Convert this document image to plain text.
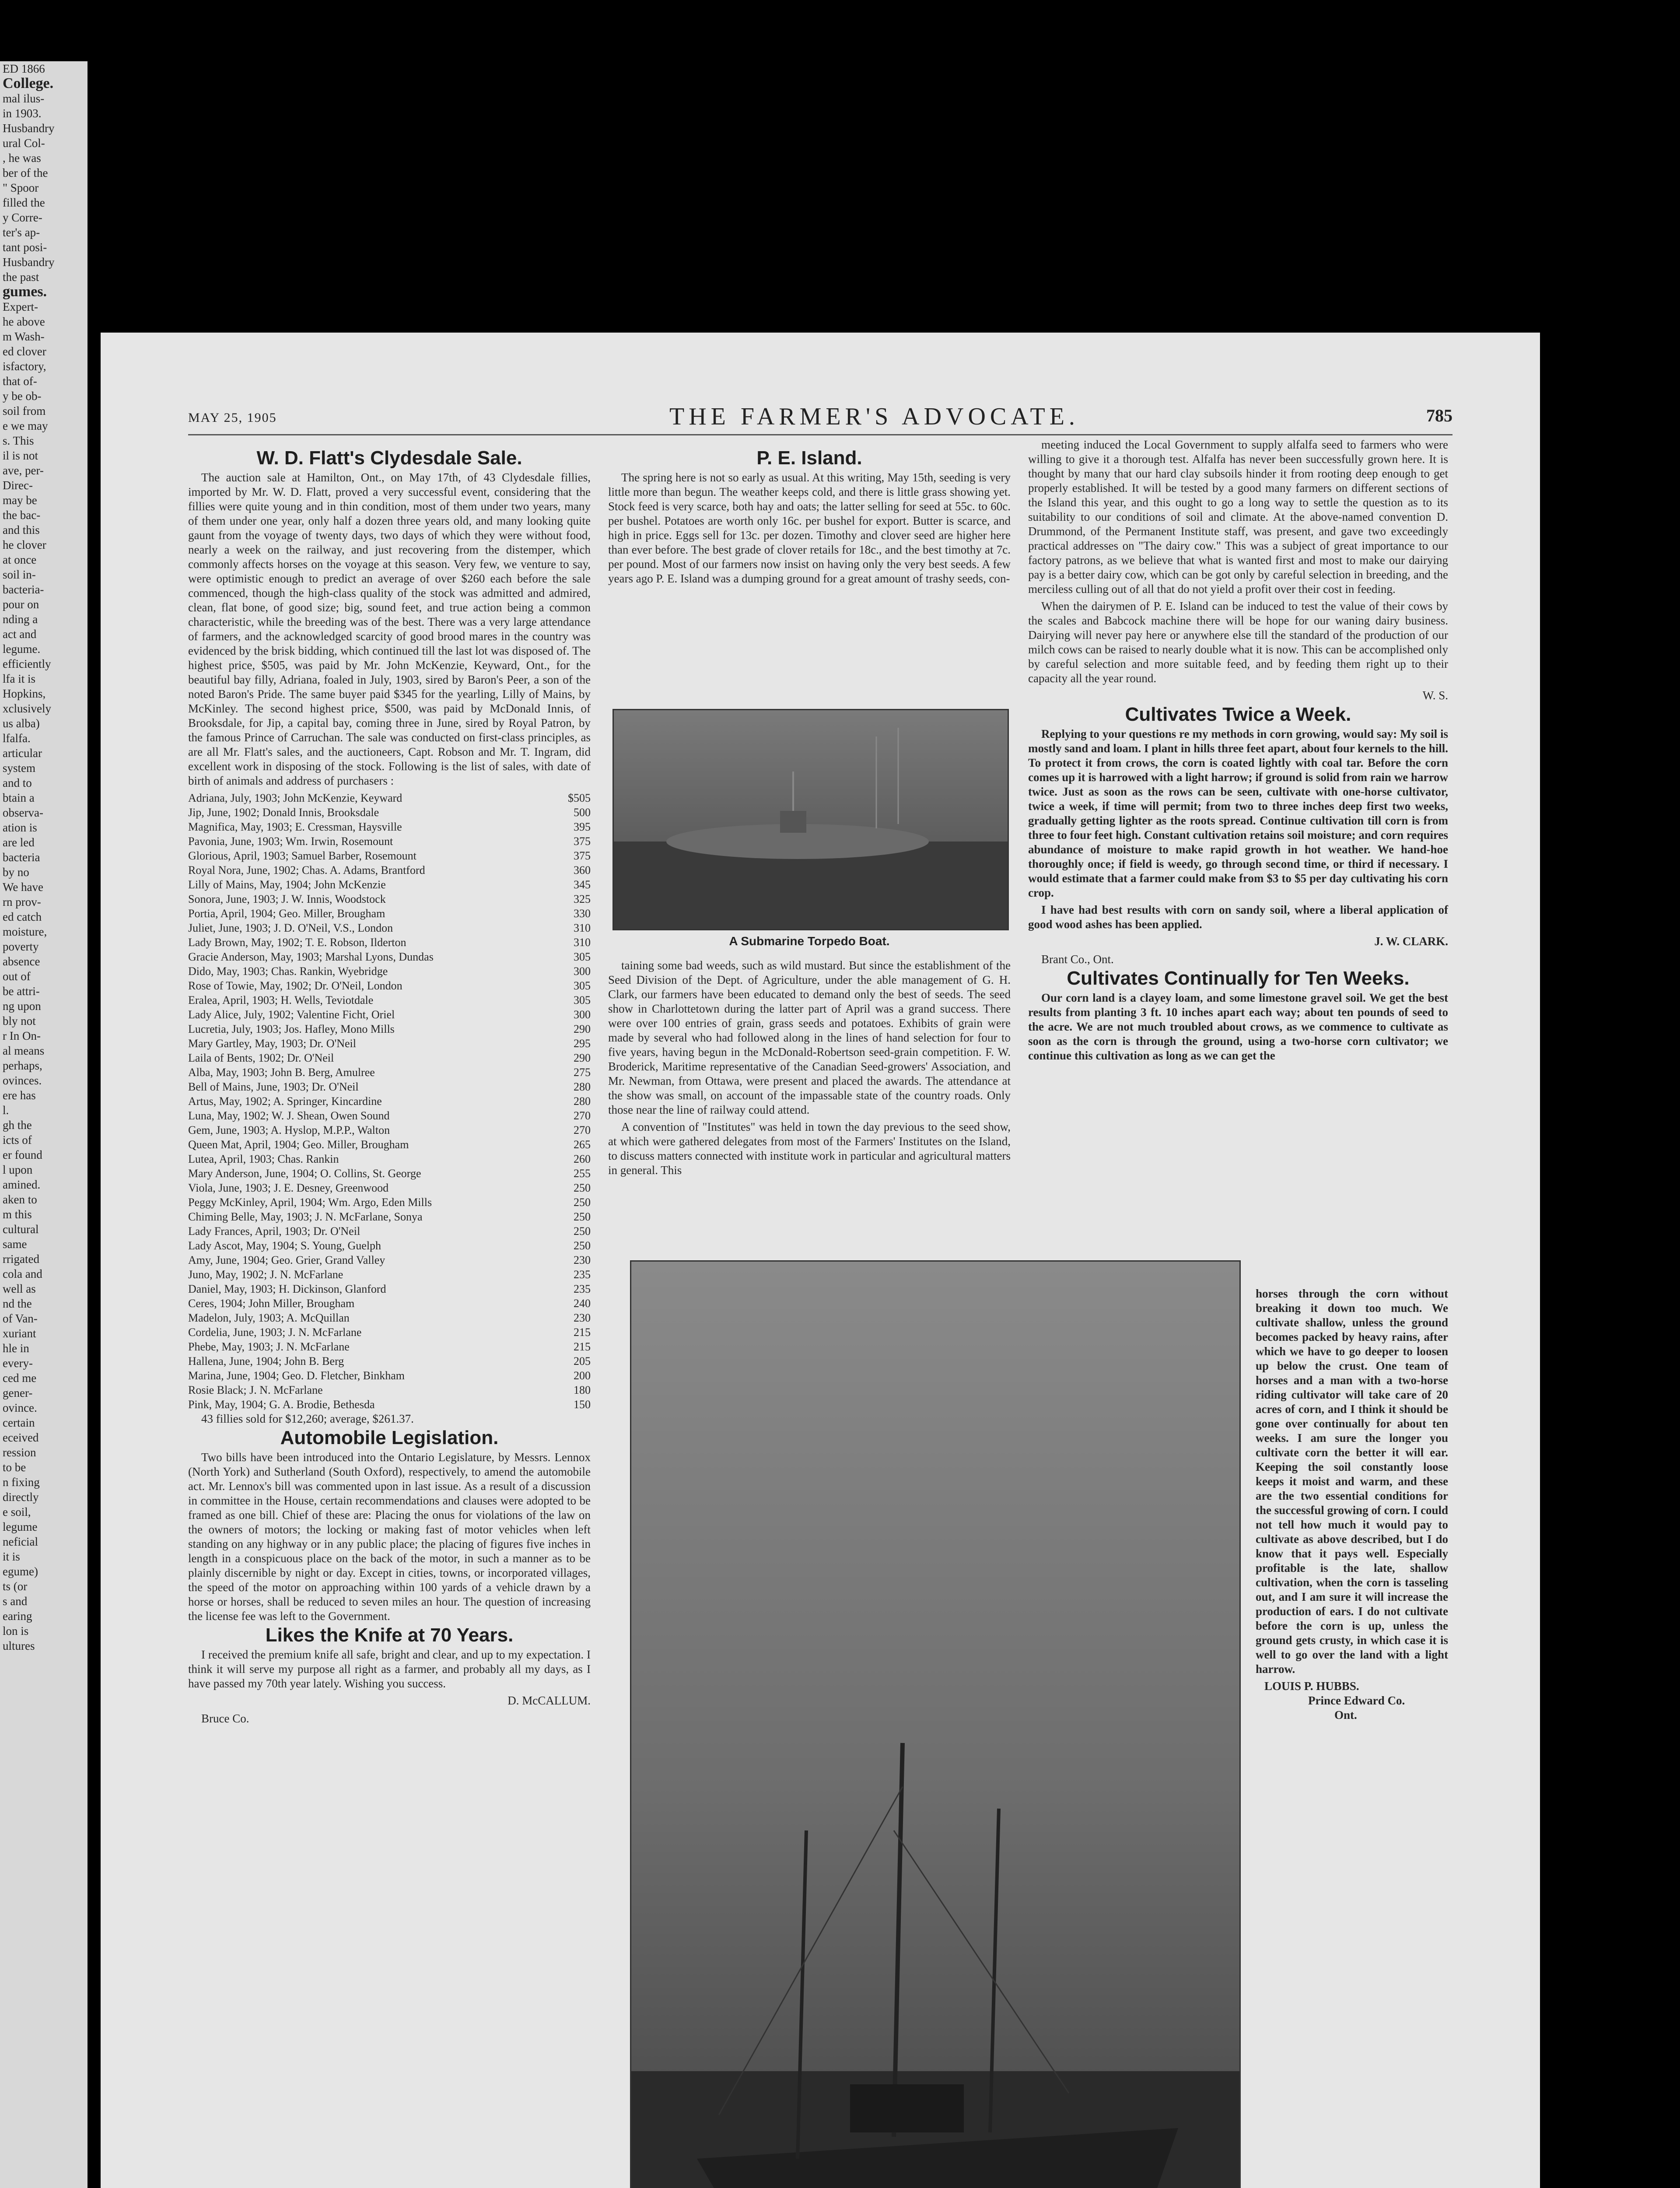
ED 1866
College.
mal ilus-
in 1903.
Husbandry
ural Col-
, he was
ber of the
" Spoor
filled the
y Corre-
ter's ap-
tant posi-
Husbandry
the past
gumes.
Expert-
he above
m Wash-
ed clover
isfactory,
that of-
y be ob-
soil from
e we may
s. This
il is not
ave, per-
Direc-
may be
the bac-
and this
he clover
at once
soil in-
bacteria-
pour on
nding a
act and
legume.
efficiently
lfa it is
Hopkins,
xclusively
us alba)
lfalfa.
articular
system
and to
btain a
observa-
ation is
are led
bacteria
by no
We have
rn prov-
ed catch
moisture,
poverty
absence
out of
be attri-
ng upon
bly not
r In On-
al means
perhaps,
ovinces.
ere has
l.
gh the
icts of
er found
l upon
amined.
aken to
m this
cultural
same
rrigated
cola and
well as
nd the
of Van-
xuriant
hle in
every-
ced me
gener-
ovince.
certain
eceived
ression
to be
n fixing
directly
e soil,
legume
neficial
it is
egume)
ts (or
s and
earing
lon is
ultures
MAY 25, 1905	THE FARMER'S ADVOCATE.	785
W. D. Flatt's Clydesdale Sale.

The auction sale at Hamilton, Ont., on May 17th, of 43 Clydesdale fillies, imported by Mr. W. D. Flatt, proved a very successful event, considering that the fillies were quite young and in thin condition, most of them under two years, many of them under one year, only half a dozen three years old, and many looking quite gaunt from the voyage of twenty days, two days of which they were without food, nearly a week on the railway, and just recovering from the distemper, which commonly affects horses on the voyage at this season. Very few, we venture to say, were optimistic enough to predict an average of over $260 each before the sale commenced, though the high-class quality of the stock was admitted and admired, clean, flat bone, of good size; big, sound feet, and true action being a common characteristic, while the breeding was of the best. There was a very large attendance of farmers, and the acknowledged scarcity of good brood mares in the country was evidenced by the brisk bidding, which continued till the last lot was disposed of. The highest price, $505, was paid by Mr. John McKenzie, Keyward, Ont., for the beautiful bay filly, Adriana, foaled in July, 1903, sired by Baron's Peer, a son of the noted Baron's Pride. The same buyer paid $345 for the yearling, Lilly of Mains, by McKinley. The second highest price, $500, was paid by McDonald Innis, of Brooksdale, for Jip, a capital bay, coming three in June, sired by Royal Patron, by the famous Prince of Carruchan. The sale was conducted on first-class principles, as are all Mr. Flatt's sales, and the auctioneers, Capt. Robson and Mr. T. Ingram, did excellent work in disposing of the stock. Following is the list of sales, with date of birth of animals and address of purchasers :

Adriana, July, 1903; John McKenzie, Keyward	$505
Jip, June, 1902; Donald Innis, Brooksdale	500
Magnifica, May, 1903; E. Cressman, Haysville	395
Pavonia, June, 1903; Wm. Irwin, Rosemount	375
Glorious, April, 1903; Samuel Barber, Rosemount	375
Royal Nora, June, 1902; Chas. A. Adams, Brantford	360
Lilly of Mains, May, 1904; John McKenzie	345
Sonora, June, 1903; J. W. Innis, Woodstock	325
Portia, April, 1904; Geo. Miller, Brougham	330
Juliet, June, 1903; J. D. O'Neil, V.S., London	310
Lady Brown, May, 1902; T. E. Robson, Ilderton	310
Gracie Anderson, May, 1903; Marshal Lyons, Dundas	305
Dido, May, 1903; Chas. Rankin, Wyebridge	300
Rose of Towie, May, 1902; Dr. O'Neil, London	305
Eralea, April, 1903; H. Wells, Teviotdale	305
Lady Alice, July, 1902; Valentine Ficht, Oriel	300
Lucretia, July, 1903; Jos. Hafley, Mono Mills	290
Mary Gartley, May, 1903; Dr. O'Neil	295
Laila of Bents, 1902; Dr. O'Neil	290
Alba, May, 1903; John B. Berg, Amulree	275
Bell of Mains, June, 1903; Dr. O'Neil	280
Artus, May, 1902; A. Springer, Kincardine	280
Luna, May, 1902; W. J. Shean, Owen Sound	270
Gem, June, 1903; A. Hyslop, M.P.P., Walton	270
Queen Mat, April, 1904; Geo. Miller, Brougham	265
Lutea, April, 1903; Chas. Rankin	260
Mary Anderson, June, 1904; O. Collins, St. George	255
Viola, June, 1903; J. E. Desney, Greenwood	250
Peggy McKinley, April, 1904; Wm. Argo, Eden Mills	250
Chiming Belle, May, 1903; J. N. McFarlane, Sonya	250
Lady Frances, April, 1903; Dr. O'Neil	250
Lady Ascot, May, 1904; S. Young, Guelph	250
Amy, June, 1904; Geo. Grier, Grand Valley	230
Juno, May, 1902; J. N. McFarlane	235
Daniel, May, 1903; H. Dickinson, Glanford	235
Ceres, 1904; John Miller, Brougham	240
Madelon, July, 1903; A. McQuillan	230
Cordelia, June, 1903; J. N. McFarlane	215
Phebe, May, 1903; J. N. McFarlane	215
Hallena, June, 1904; John B. Berg	205
Marina, June, 1904; Geo. D. Fletcher, Binkham	200
Rosie Black; J. N. McFarlane	180
Pink, May, 1904; G. A. Brodie, Bethesda	150

43 fillies sold for $12,260; average, $261.37.

Automobile Legislation.

Two bills have been introduced into the Ontario Legislature, by Messrs. Lennox (North York) and Sutherland (South Oxford), respectively, to amend the automobile act. Mr. Lennox's bill was commented upon in last issue. As a result of a discussion in committee in the House, certain recommendations and clauses were adopted to be framed as one bill. Chief of these are: Placing the onus for violations of the law on the owners of motors; the locking or making fast of motor vehicles when left standing on any highway or in any public place; the placing of figures five inches in length in a conspicuous place on the back of the motor, in such a manner as to be plainly discernible by night or day. Except in cities, towns, or incorporated villages, the speed of the motor on approaching within 100 yards of a vehicle drawn by a horse or horses, shall be reduced to seven miles an hour. The question of increasing the license fee was left to the Government.

Likes the Knife at 70 Years.

I received the premium knife all safe, bright and clear, and up to my expectation. I think it will serve my purpose all right as a farmer, and probably all my days, as I have passed my 70th year lately. Wishing you success.

D. McCALLUM.
Bruce Co.
P. E. Island.

The spring here is not so early as usual. At this writing, May 15th, seeding is very little more than begun. The weather keeps cold, and there is little grass showing yet. Stock feed is very scarce, both hay and oats; the latter selling for seed at 55c. to 60c. per bushel. Potatoes are worth only 16c. per bushel for export. Butter is scarce, and high in price. Eggs sell for 13c. per dozen. Timothy and clover seed are higher here than ever before. The best grade of clover retails for 18c., and the best timothy at 7c. per pound. Most of our farmers now insist on having only the very best seeds. A few years ago P. E. Island was a dumping ground for a great amount of trashy seeds, con-

A Submarine Torpedo Boat.

taining some bad weeds, such as wild mustard. But since the establishment of the Seed Division of the Dept. of Agriculture, under the able management of G. H. Clark, our farmers have been educated to demand only the best of seeds. The seed show in Charlottetown during the latter part of April was a grand success. There were over 100 entries of grain, grass seeds and potatoes. Exhibits of grain were made by several who had followed along in the lines of hand selection for four to five years, having begun in the McDonald-Robertson seed-grain competition. F. W. Broderick, Maritime representative of the Canadian Seed-growers' Association, and Mr. Newman, from Ottawa, were present and placed the awards. The attendance at the show was small, on account of the impassable state of the country roads. Only those near the line of railway could attend.

A convention of "Institutes" was held in town the day previous to the seed show, at which were gathered delegates from most of the Farmers' Institutes on the Island, to discuss matters connected with institute work in particular and agricultural matters in general. This

meeting induced the Local Government to supply alfalfa seed to farmers who were willing to give it a thorough test. Alfalfa has never been successfully grown here. It is thought by many that our hard clay subsoils hinder it from rooting deep enough to get properly established. It will be tested by a good many farmers on different sections of the Island this year, and this ought to go a long way to settle the question as to its suitability to our conditions of soil and climate. At the above-named convention D. Drummond, of the Permanent Institute staff, was present, and gave two exceedingly practical addresses on "The dairy cow." This was a subject of great importance to our factory patrons, as we believe that what is wanted first and most to make our dairying pay is a better dairy cow, which can be got only by careful selection in breeding, and the merciless culling out of all that do not yield a profit over their cost in feeding.

When the dairymen of P. E. Island can be induced to test the value of their cows by the scales and Babcock machine there will be hope for our waning dairy business. Dairying will never pay here or anywhere else till the standard of the production of our milch cows can be raised to nearly double what it is now. This can be accomplished only by careful selection and more suitable feed, and by feeding them right up to their capacity all the year round.

W. S.
Cultivates Twice a Week.

Replying to your questions re my methods in corn growing, would say: My soil is mostly sand and loam. I plant in hills three feet apart, about four kernels to the hill. To protect it from crows, the corn is coated lightly with coal tar. Before the corn comes up it is harrowed with a light harrow; if ground is solid from rain we harrow twice. Just as soon as the rows can be seen, cultivate with one-horse cultivator, twice a week, if time will permit; from two to three inches deep first two weeks, gradually getting lighter as the roots spread. Continue cultivation till corn is from three to four feet high. Constant cultivation retains soil moisture; and corn requires abundance of moisture to make rapid growth in hot weather. We hand-hoe thoroughly once; if field is weedy, go through second time, or third if necessary. I would estimate that a farmer could make from $3 to $5 per day cultivating his corn crop.

I have had best results with corn on sandy soil, where a liberal application of good wood ashes has been applied.

J. W. CLARK.
Brant Co., Ont.
Cultivates Continually for Ten Weeks.

Our corn land is a clayey loam, and some limestone gravel soil. We get the best results from planting 3 ft. 10 inches apart each way; about ten pounds of seed to the acre. We are not much troubled about crows, as we commence to cultivate as soon as the corn is through the ground, using a two-horse corn cultivator; we continue this cultivation as long as we can get the

horses through the corn without breaking it down too much. We cultivate shallow, unless the ground becomes packed by heavy rains, after which we have to go deeper to loosen up below the crust. One team of horses and a man with a two-horse riding cultivator will take care of 20 acres of corn, and I think it should be gone over continually for about ten weeks. I am sure the longer you cultivate corn the better it will ear. Keeping the soil constantly loose keeps it moist and warm, and these are the two essential conditions for the successful growing of corn. I could not tell how much it would pay to cultivate as above described, but I do know that it pays well. Especially profitable is the late, shallow cultivation, when the corn is tasseling out, and I am sure it will increase the production of ears. I do not cultivate before the corn is up, unless the ground gets crusty, in which case it is well to go over the land with a light harrow.

LOUIS P. HUBBS.
Prince Edward Co.
Ont.
